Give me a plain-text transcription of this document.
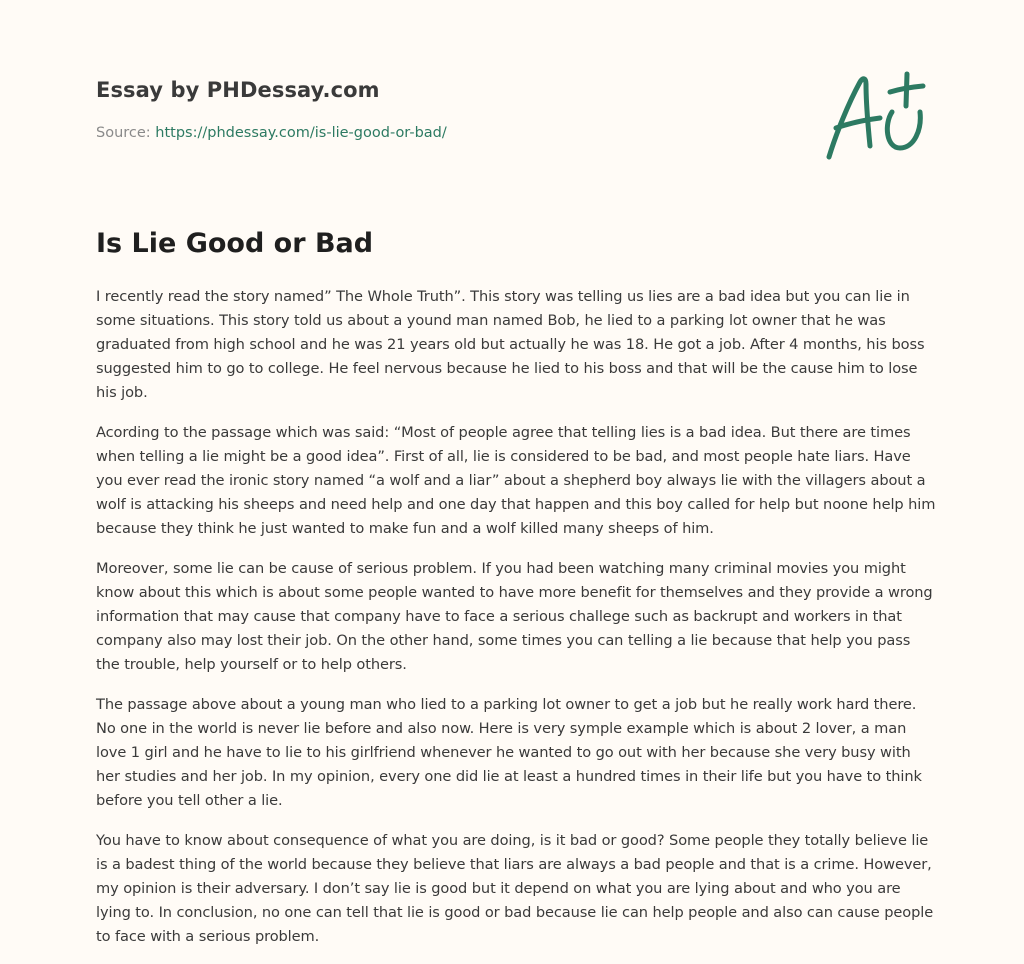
Essay by PHDessay.com
Source: https://phdessay.com/is-lie-good-or-bad/
Is Lie Good or Bad

I recently read the story named” The Whole Truth”. This story was telling us lies are a bad idea but you can lie in some situations. This story told us about a yound man named Bob, he lied to a parking lot owner that he was graduated from high school and he was 21 years old but actually he was 18. He got a job. After 4 months, his boss suggested him to go to college. He feel nervous because he lied to his boss and that will be the cause him to lose his job.

Acording to the passage which was said: “Most of people agree that telling lies is a bad idea. But there are times when telling a lie might be a good idea”. First of all, lie is considered to be bad, and most people hate liars. Have you ever read the ironic story named “a wolf and a liar” about a shepherd boy always lie with the villagers about a wolf is attacking his sheeps and need help and one day that happen and this boy called for help but noone help him because they think he just wanted to make fun and a wolf killed many sheeps of him.

Moreover, some lie can be cause of serious problem. If you had been watching many criminal movies you might know about this which is about some people wanted to have more benefit for themselves and they provide a wrong information that may cause that company have to face a serious challege such as backrupt and workers in that company also may lost their job. On the other hand, some times you can telling a lie because that help you pass the trouble, help yourself or to help others.

The passage above about a young man who lied to a parking lot owner to get a job but he really work hard there. No one in the world is never lie before and also now. Here is very symple example which is about 2 lover, a man love 1 girl and he have to lie to his girlfriend whenever he wanted to go out with her because she very busy with her studies and her job. In my opinion, every one did lie at least a hundred times in their life but you have to think before you tell other a lie.

You have to know about consequence of what you are doing, is it bad or good? Some people they totally believe lie is a badest thing of the world because they believe that liars are always a bad people and that is a crime. However, my opinion is their adversary. I don’t say lie is good but it depend on what you are lying about and who you are lying to. In conclusion, no one can tell that lie is good or bad because lie can help people and also can cause people to face with a serious problem.
